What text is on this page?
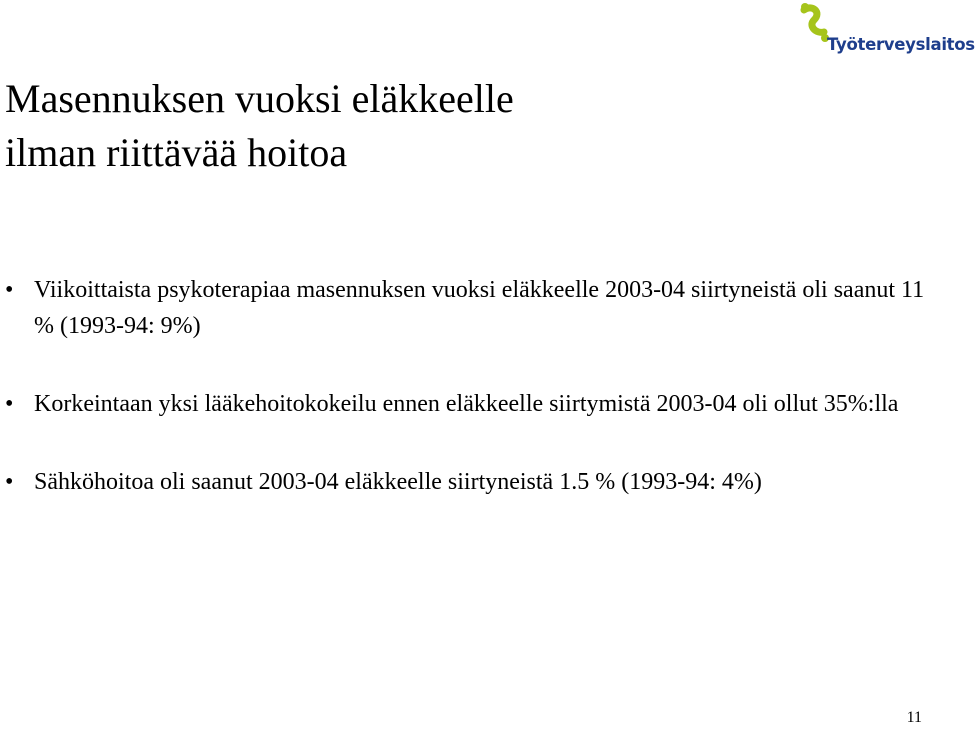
Työterveyslaitos
Masennuksen vuoksi eläkkeelle
ilman riittävää hoitoa
• Viikoittaista psykoterapiaa masennuksen vuoksi eläkkeelle 2003-04 siirtyneistä oli saanut 11 % (1993-94: 9%)
• Korkeintaan yksi lääkehoitokokeilu ennen eläkkeelle siirtymistä 2003-04 oli ollut 35%:lla
• Sähköhoitoa oli saanut 2003-04 eläkkeelle siirtyneistä 1.5 % (1993-94: 4%)
11
